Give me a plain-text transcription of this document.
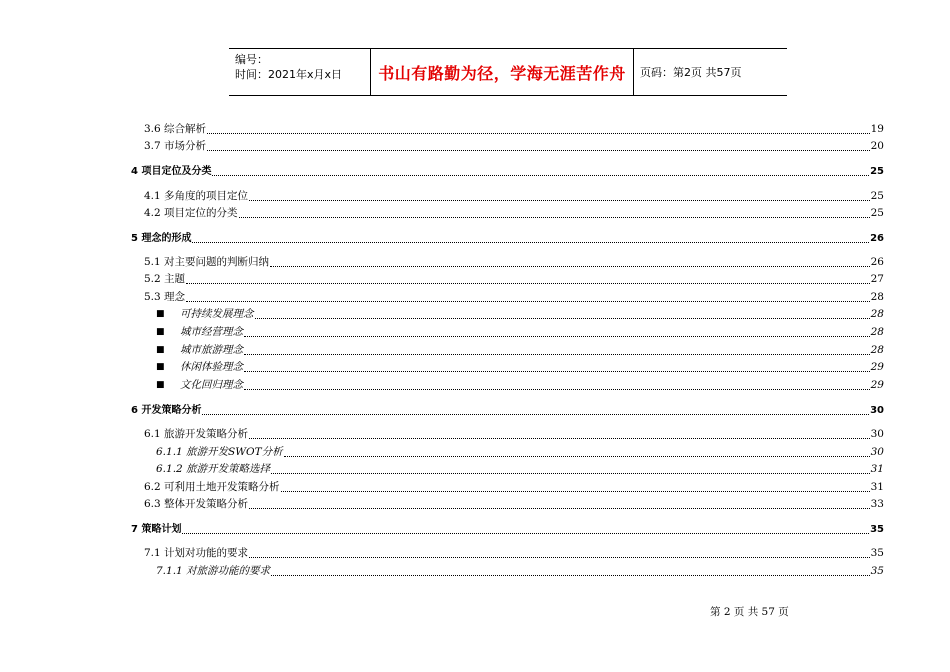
编号：
时间：2021年x月x日	书山有路勤为径，学海无涯苦作舟 页码：第2页 共57页
3.6 综合解析	19
3.7 市场分析	20
4 项目定位及分类	25
4.1 多角度的项目定位	25
4.2 项目定位的分类	25
5 理念的形成	26
5.1 对主要问题的判断归纳	26
5.2 主题	27
5.3 理念	28
■	可持续发展理念	28
■	城市经营理念	28
■	城市旅游理念	28
■	休闲体验理念	29
■	文化回归理念	29
6 开发策略分析	30
6.1 旅游开发策略分析	30
6.1.1 旅游开发SWOT分析	30
6.1.2 旅游开发策略选择	31
6.2 可利用土地开发策略分析	31
6.3 整体开发策略分析	33
7 策略计划	35
7.1 计划对功能的要求	35
7.1.1 对旅游功能的要求	35
第 2 页 共 57 页
